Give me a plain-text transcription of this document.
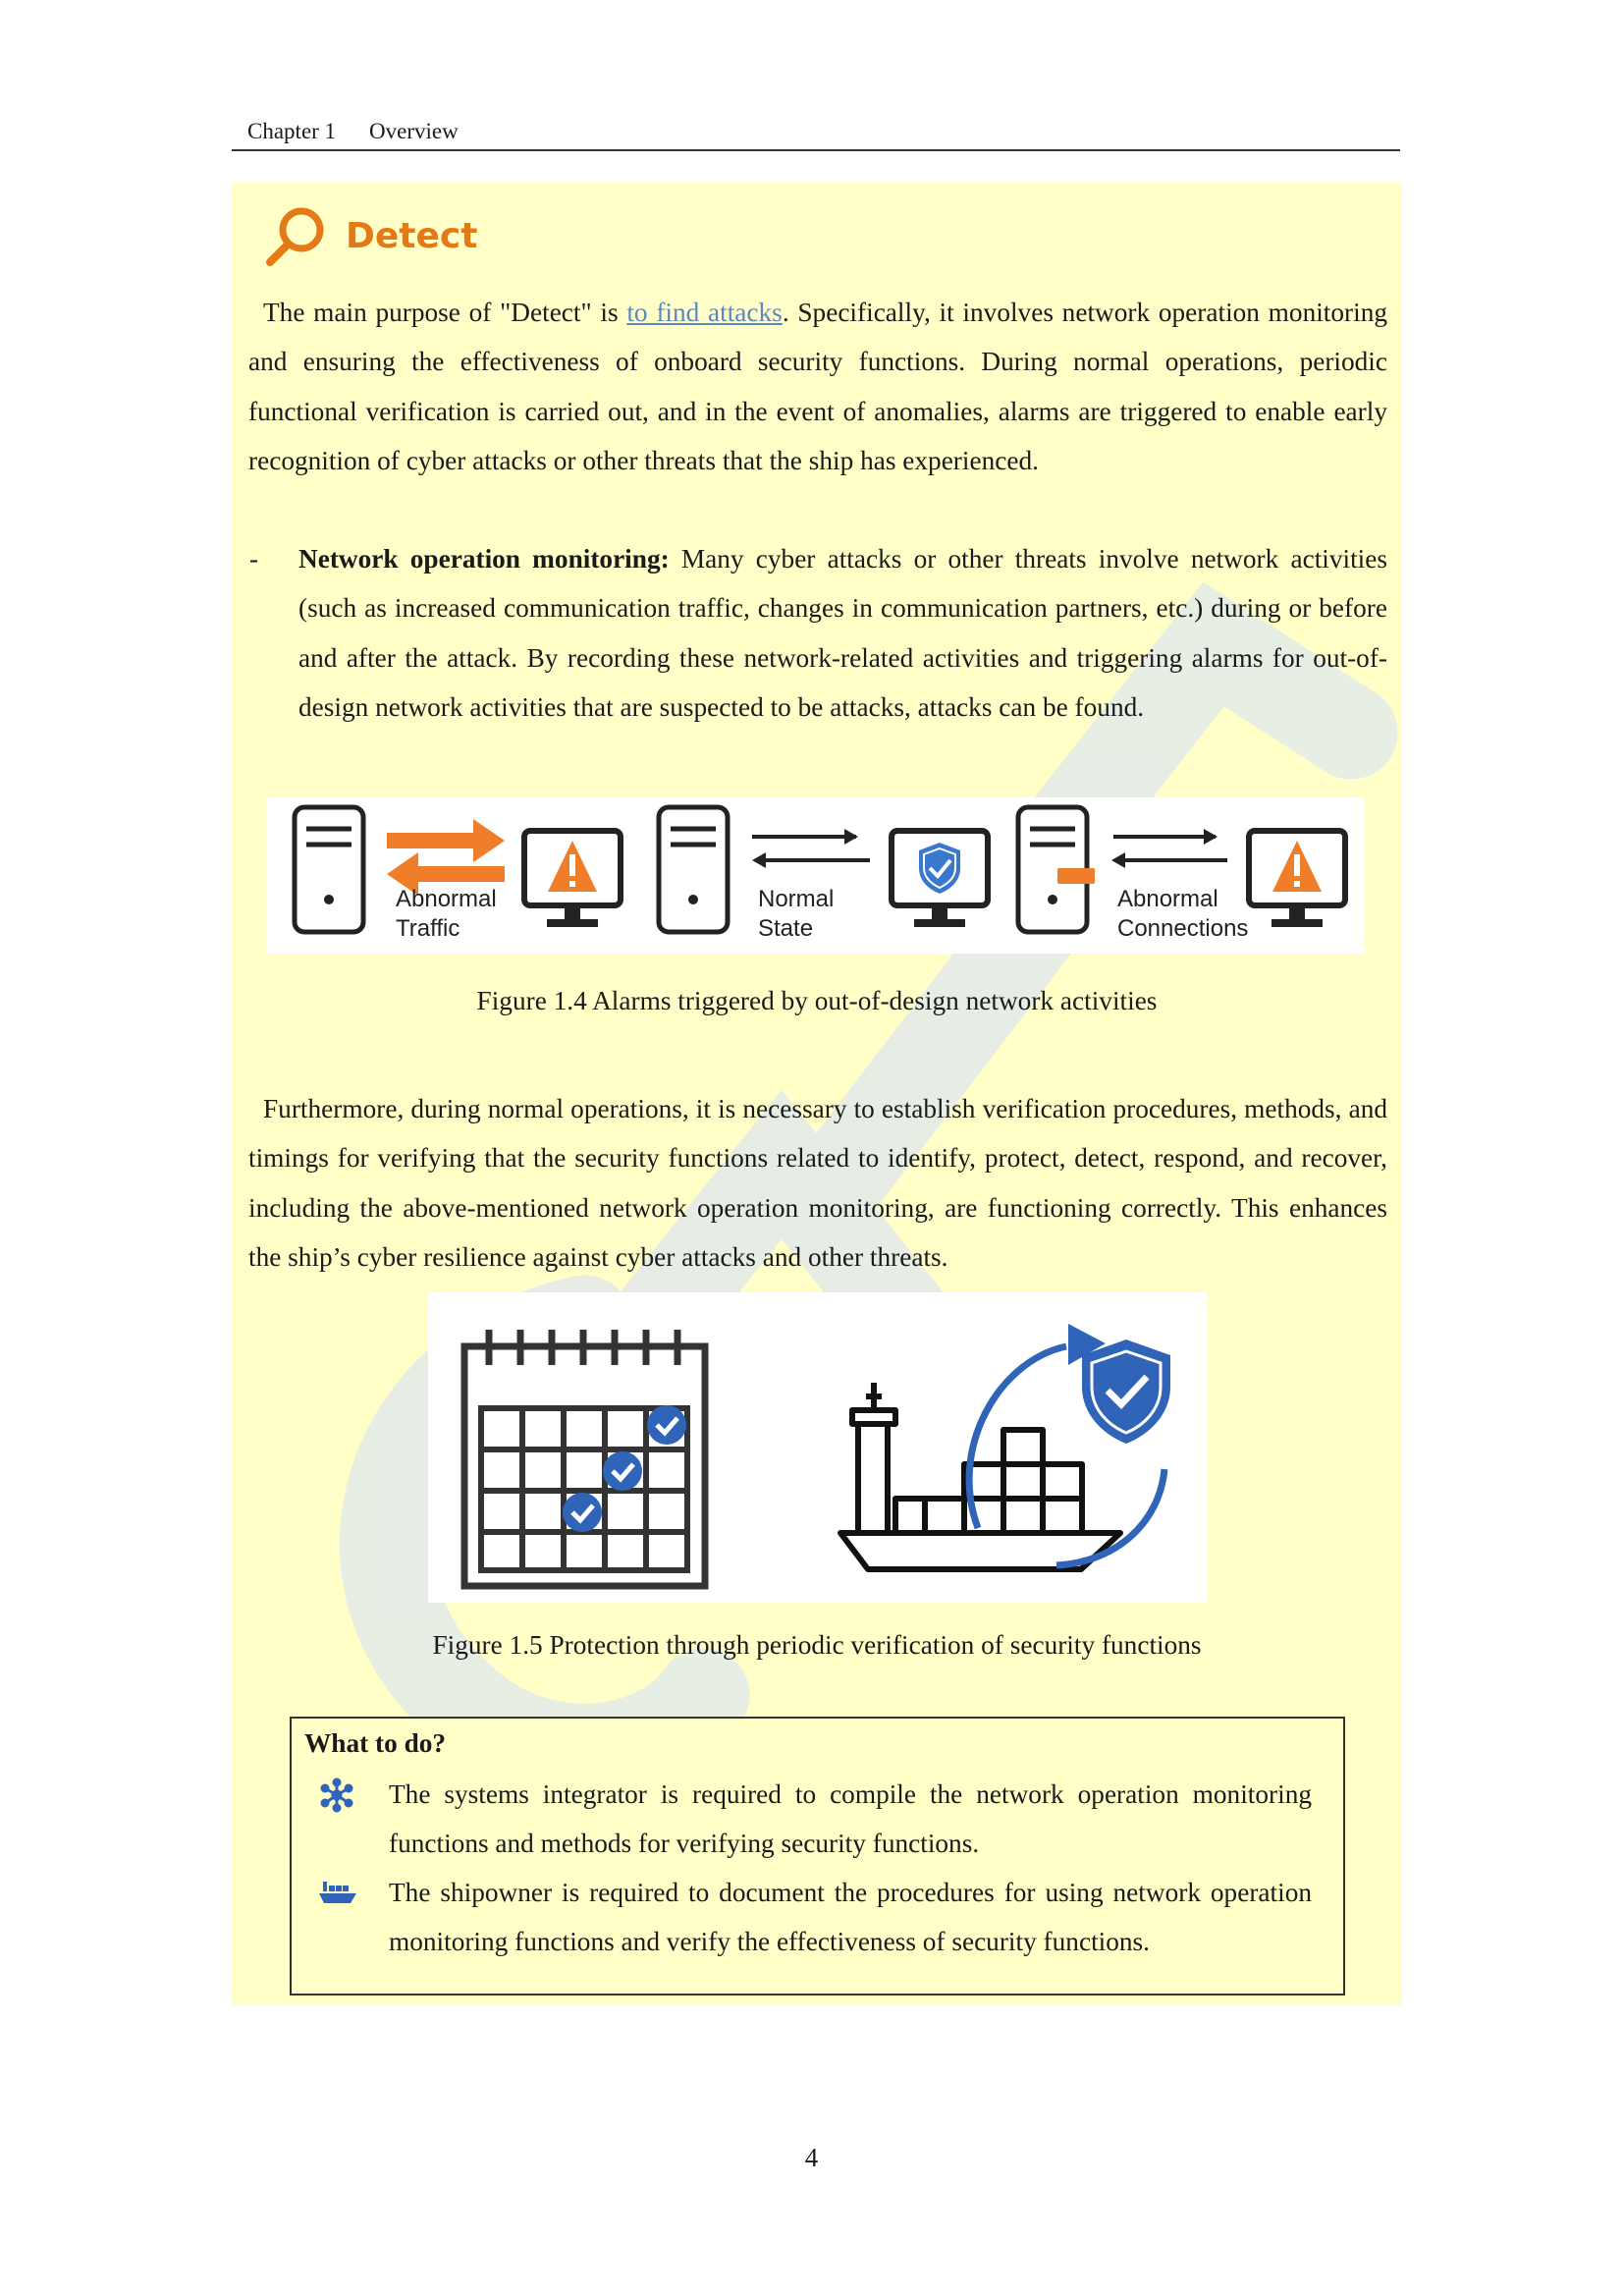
Chapter 1 Overview
Detect

The main purpose of "Detect" is to find attacks. Specifically, it involves network operation monitoring and ensuring the effectiveness of onboard security functions. During normal operations, periodic functional verification is carried out, and in the event of anomalies, alarms are triggered to enable early recognition of cyber attacks or other threats that the ship has experienced.

- Network operation monitoring: Many cyber attacks or other threats involve network activities (such as increased communication traffic, changes in communication partners, etc.) during or before and after the attack. By recording these network-related activities and triggering alarms for out-of-design network activities that are suspected to be attacks, attacks can be found.

Abnormal
Traffic
Normal
State
Abnormal
Connections
Figure 1.4 Alarms triggered by out-of-design network activities

Furthermore, during normal operations, it is necessary to establish verification procedures, methods, and timings for verifying that the security functions related to identify, protect, detect, respond, and recover, including the above-mentioned network operation monitoring, are functioning correctly. This enhances the ship’s cyber resilience against cyber attacks and other threats.

Figure 1.5 Protection through periodic verification of security functions
What to do?

The systems integrator is required to compile the network operation monitoring functions and methods for verifying security functions.

The shipowner is required to document the procedures for using network operation monitoring functions and verify the effectiveness of security functions.

4
